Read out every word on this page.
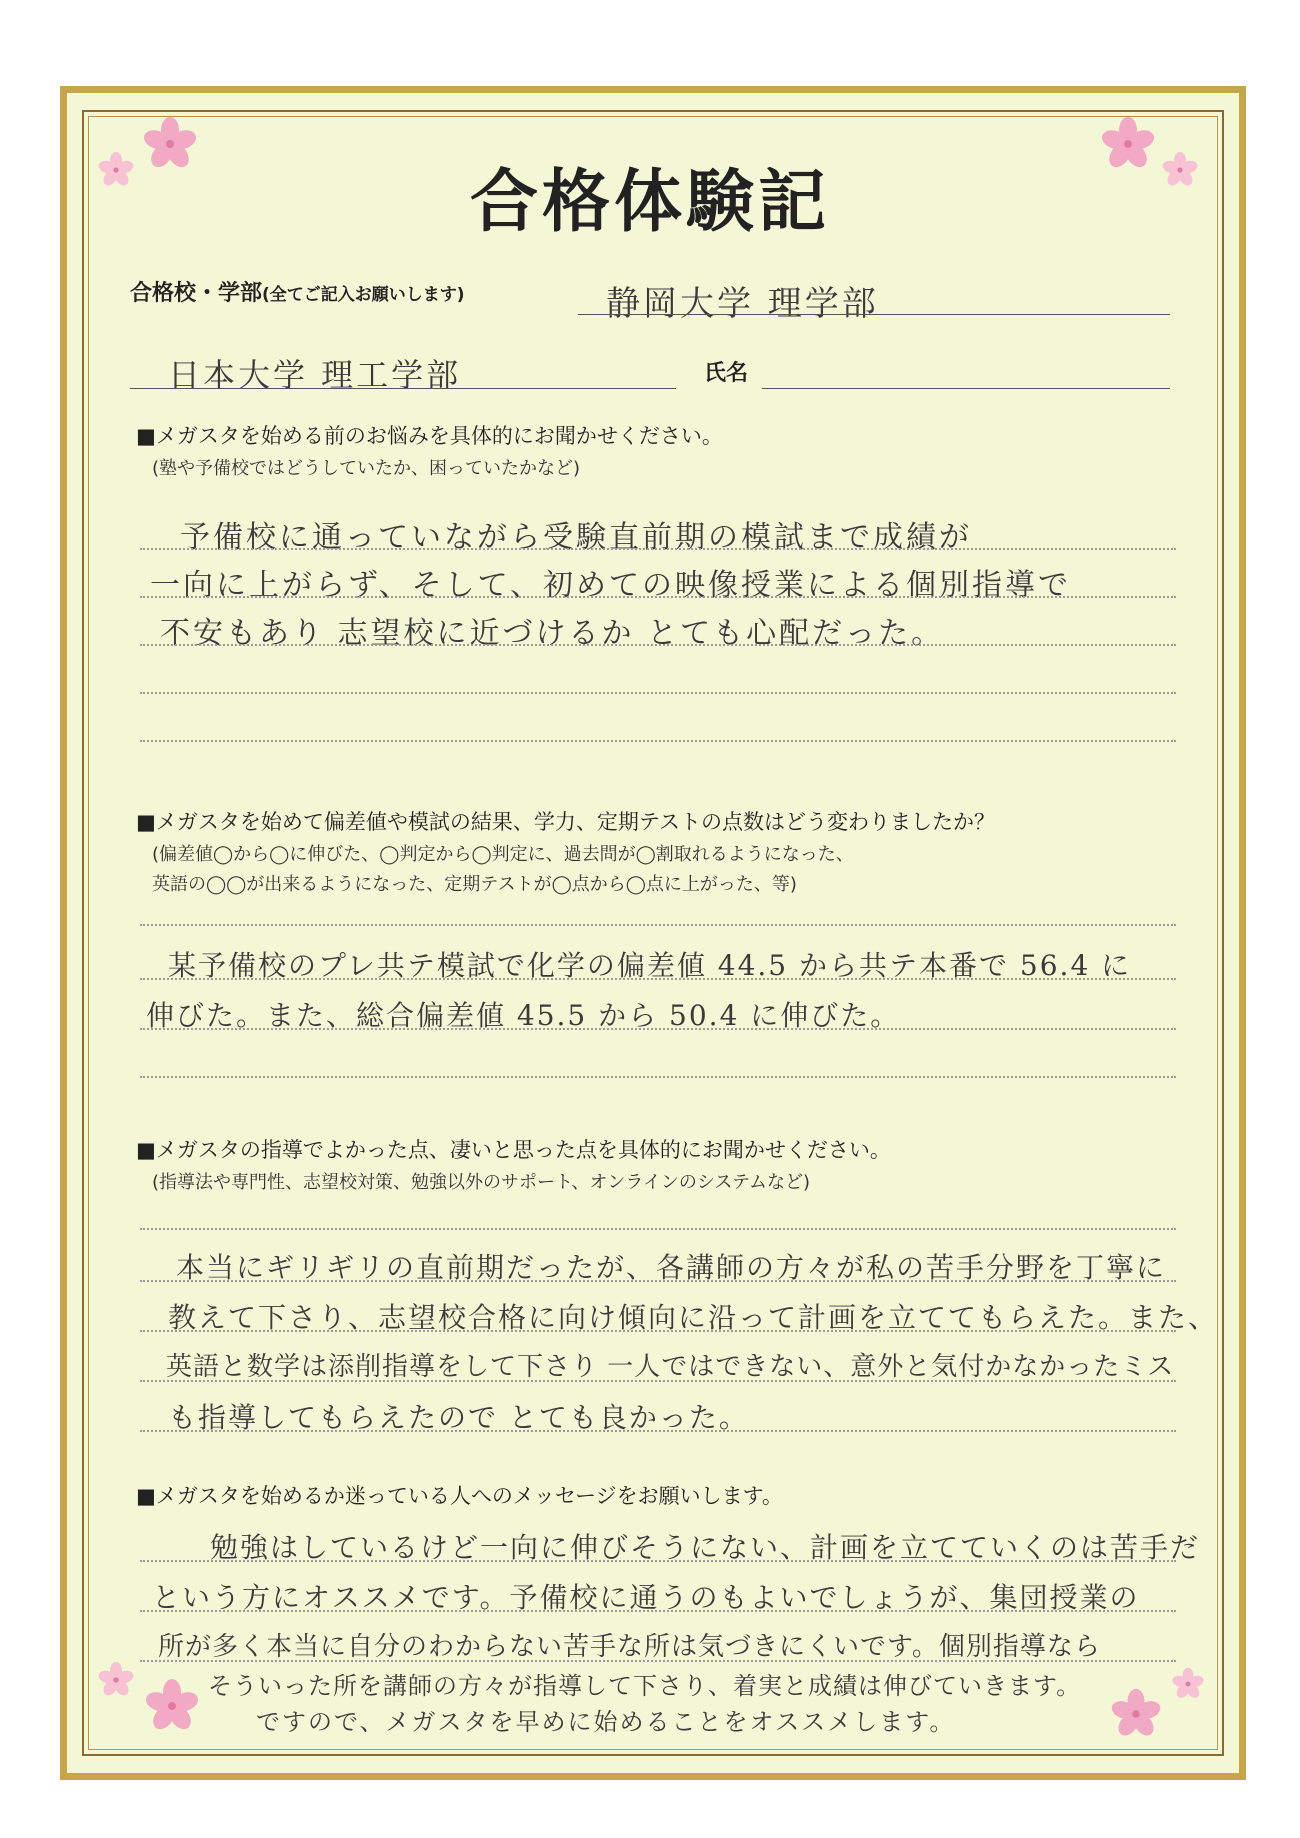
合格体験記
合格校・学部(全てご記入お願いします)	静岡大学 理学部
日本大学 理工学部	氏名
■メガスタを始める前のお悩みを具体的にお聞かせください。
(塾や予備校ではどうしていたか、困っていたかなど)
予備校に通っていながら受験直前期の模試まで成績が
一向に上がらず、そして、初めての映像授業による個別指導で
不安もあり 志望校に近づけるか とても心配だった。
■メガスタを始めて偏差値や模試の結果、学力、定期テストの点数はどう変わりましたか？
(偏差値◯から◯に伸びた、◯判定から◯判定に、過去問が◯割取れるようになった、
英語の◯◯が出来るようになった、定期テストが◯点から◯点に上がった、等)
某予備校のプレ共テ模試で化学の偏差値 44.5 から共テ本番で 56.4 に
伸びた。また、総合偏差値 45.5 から 50.4 に伸びた。
■メガスタの指導でよかった点、凄いと思った点を具体的にお聞かせください。
(指導法や専門性、志望校対策、勉強以外のサポート、オンラインのシステムなど)
本当にギリギリの直前期だったが、各講師の方々が私の苦手分野を丁寧に
教えて下さり、志望校合格に向け傾向に沿って計画を立ててもらえた。また、
英語と数学は添削指導をして下さり 一人ではできない、意外と気付かなかったミス
も指導してもらえたので とても良かった。
■メガスタを始めるか迷っている人へのメッセージをお願いします。
勉強はしているけど一向に伸びそうにない、計画を立てていくのは苦手だ
という方にオススメです。予備校に通うのもよいでしょうが、集団授業の
所が多く本当に自分のわからない苦手な所は気づきにくいです。個別指導なら
そういった所を講師の方々が指導して下さり、着実と成績は伸びていきます。
ですので、メガスタを早めに始めることをオススメします。
